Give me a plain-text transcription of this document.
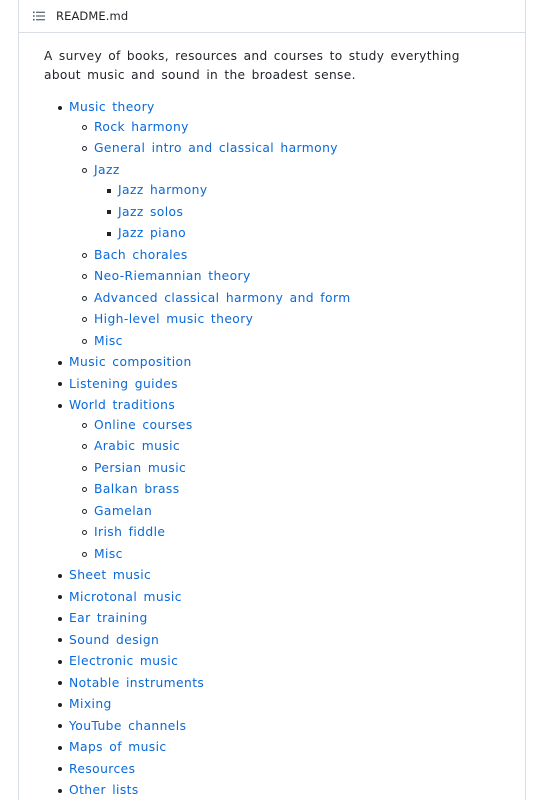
README.md

A survey of books, resources and courses to study everything about music and sound in the broadest sense.

Music theory
Rock harmony
General intro and classical harmony
Jazz
Jazz harmony
Jazz solos
Jazz piano
Bach chorales
Neo-Riemannian theory
Advanced classical harmony and form
High-level music theory
Misc
Music composition
Listening guides
World traditions
Online courses
Arabic music
Persian music
Balkan brass
Gamelan
Irish fiddle
Misc
Sheet music
Microtonal music
Ear training
Sound design
Electronic music
Notable instruments
Mixing
YouTube channels
Maps of music
Resources
Other lists
